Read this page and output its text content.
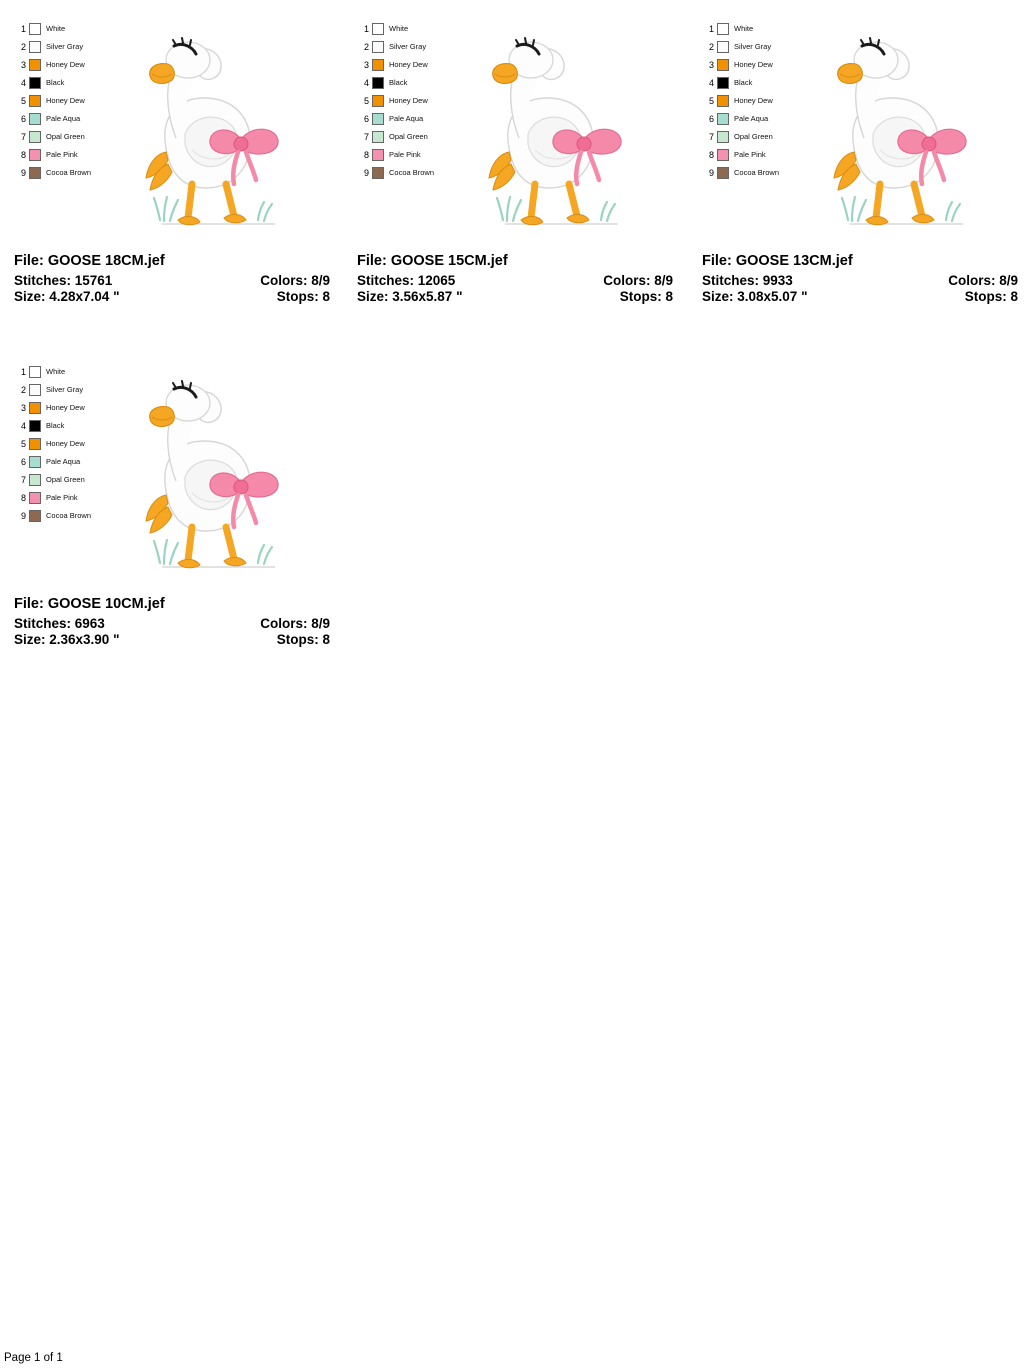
1	White
2	Silver Gray
3	Honey Dew
4	Black
5	Honey Dew
6	Pale Aqua
7	Opal Green
8	Pale Pink
9	Cocoa Brown
File: GOOSE 18CM.jef
Stitches: 15761	Colors: 8/9
Size: 4.28x7.04 "	Stops: 8
1	White
2	Silver Gray
3	Honey Dew
4	Black
5	Honey Dew
6	Pale Aqua
7	Opal Green
8	Pale Pink
9	Cocoa Brown
File: GOOSE 15CM.jef
Stitches: 12065	Colors: 8/9
Size: 3.56x5.87 "	Stops: 8
1	White
2	Silver Gray
3	Honey Dew
4	Black
5	Honey Dew
6	Pale Aqua
7	Opal Green
8	Pale Pink
9	Cocoa Brown
File: GOOSE 13CM.jef
Stitches: 9933	Colors: 8/9
Size: 3.08x5.07 "	Stops: 8
1	White
2	Silver Gray
3	Honey Dew
4	Black
5	Honey Dew
6	Pale Aqua
7	Opal Green
8	Pale Pink
9	Cocoa Brown
File: GOOSE 10CM.jef
Stitches: 6963	Colors: 8/9
Size: 2.36x3.90 "	Stops: 8
Page 1 of 1
